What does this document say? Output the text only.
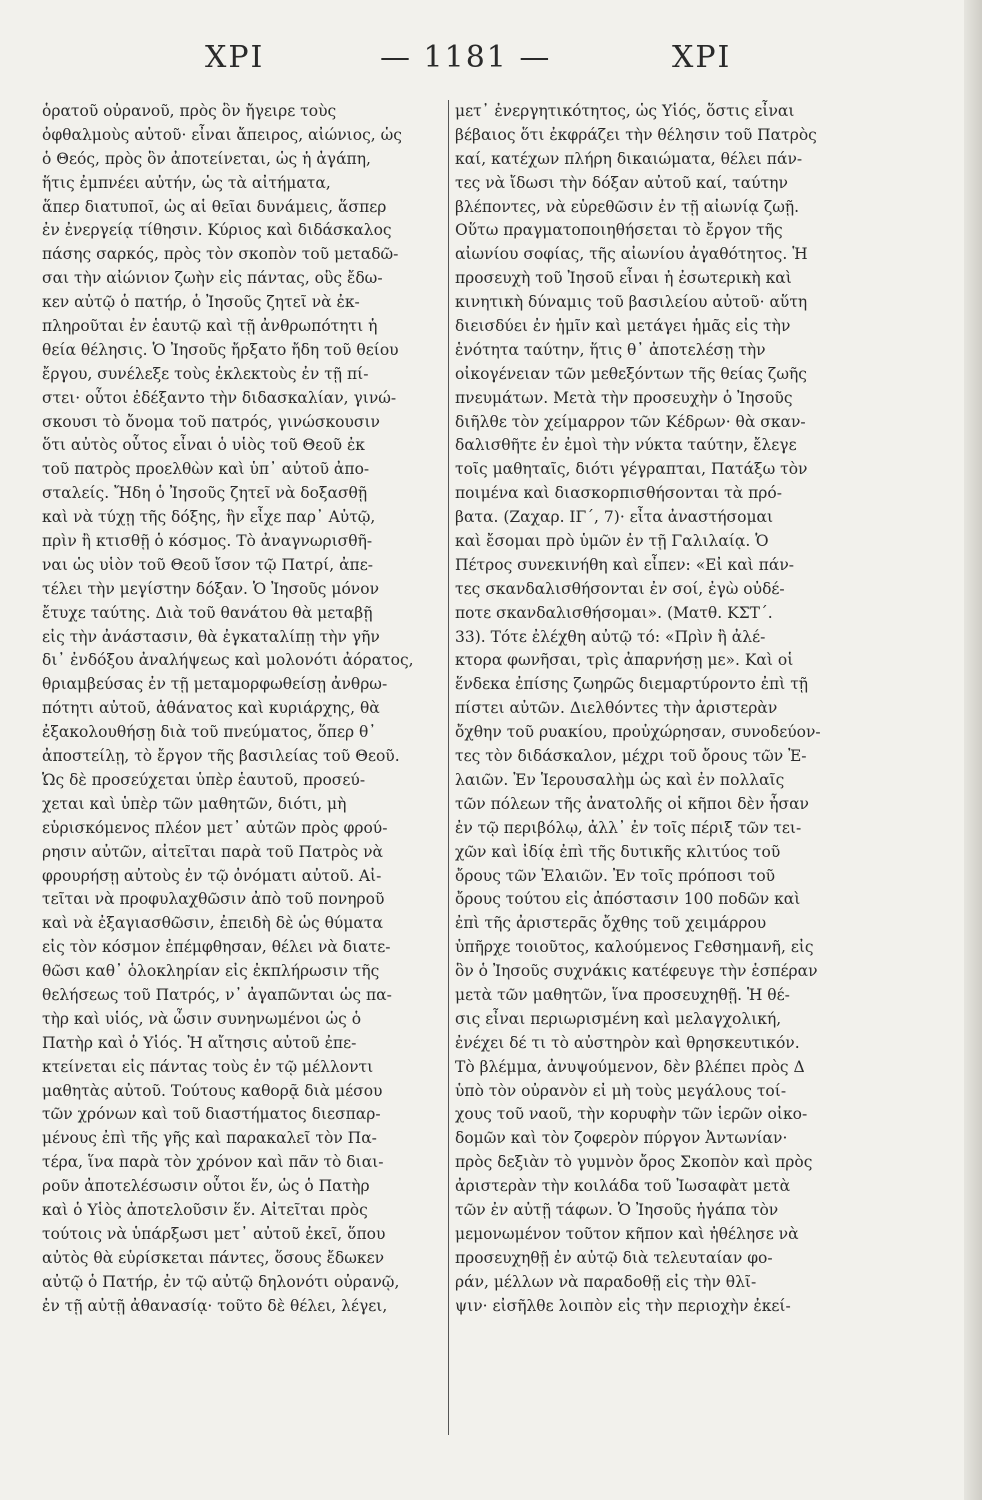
ΧΡΙ	— 1181 —	ΧΡΙ
ὁρατοῦ οὐρανοῦ, πρὸς ὃν ἤγειρε τοὺς
ὀφθαλμοὺς αὐτοῦ· εἶναι ἄπειρος, αἰώνιος, ὡς
ὁ Θεός, πρὸς ὃν ἀποτείνεται, ὡς ἡ ἀγάπη,
ἥτις ἐμπνέει αὐτήν, ὡς τὰ αἰτήματα,
ἅπερ διατυποῖ, ὡς αἱ θεῖαι δυνάμεις, ἅσπερ
ἐν ἐνεργείᾳ τίθησιν. Κύριος καὶ διδάσκαλος
πάσης σαρκός, πρὸς τὸν σκοπὸν τοῦ μεταδῶ-
σαι τὴν αἰώνιον ζωὴν εἰς πάντας, οὓς ἔδω-
κεν αὐτῷ ὁ πατήρ, ὁ Ἰησοῦς ζητεῖ νὰ ἐκ-
πληροῦται ἐν ἑαυτῷ καὶ τῇ ἀνθρωπότητι ἡ
θεία θέλησις. Ὁ Ἰησοῦς ἤρξατο ἤδη τοῦ θείου
ἔργου, συνέλεξε τοὺς ἐκλεκτοὺς ἐν τῇ πί-
στει· οὗτοι ἐδέξαντο τὴν διδασκαλίαν, γινώ-
σκουσι τὸ ὄνομα τοῦ πατρός, γινώσκουσιν
ὅτι αὐτὸς οὗτος εἶναι ὁ υἱὸς τοῦ Θεοῦ ἐκ
τοῦ πατρὸς προελθὼν καὶ ὑπ᾽ αὐτοῦ ἀπο-
σταλείς. Ἤδη ὁ Ἰησοῦς ζητεῖ νὰ δοξασθῇ
καὶ νὰ τύχῃ τῆς δόξης, ἣν εἶχε παρ᾽ Αὐτῷ,
πρὶν ἢ κτισθῇ ὁ κόσμος. Τὸ ἀναγνωρισθῆ-
ναι ὡς υἱὸν τοῦ Θεοῦ ἴσον τῷ Πατρί, ἀπε-
τέλει τὴν μεγίστην δόξαν. Ὁ Ἰησοῦς μόνον
ἔτυχε ταύτης. Διὰ τοῦ θανάτου θὰ μεταβῇ
εἰς τὴν ἀνάστασιν, θὰ ἐγκαταλίπῃ τὴν γῆν
δι᾽ ἐνδόξου ἀναλήψεως καὶ μολονότι ἀόρατος,
θριαμβεύσας ἐν τῇ μεταμορφωθείσῃ ἀνθρω-
πότητι αὐτοῦ, ἀθάνατος καὶ κυριάρχης, θὰ
ἐξακολουθήσῃ διὰ τοῦ πνεύματος, ὅπερ θ᾽
ἀποστείλῃ, τὸ ἔργον τῆς βασιλείας τοῦ Θεοῦ.
Ὡς δὲ προσεύχεται ὑπὲρ ἑαυτοῦ, προσεύ-
χεται καὶ ὑπὲρ τῶν μαθητῶν, διότι, μὴ
εὑρισκόμενος πλέον μετ᾽ αὐτῶν πρὸς φρού-
ρησιν αὐτῶν, αἰτεῖται παρὰ τοῦ Πατρὸς νὰ
φρουρήσῃ αὐτοὺς ἐν τῷ ὀνόματι αὐτοῦ. Αἰ-
τεῖται νὰ προφυλαχθῶσιν ἀπὸ τοῦ πονηροῦ
καὶ νὰ ἐξαγιασθῶσιν, ἐπειδὴ δὲ ὡς θύματα
εἰς τὸν κόσμον ἐπέμφθησαν, θέλει νὰ διατε-
θῶσι καθ᾽ ὁλοκληρίαν εἰς ἐκπλήρωσιν τῆς
θελήσεως τοῦ Πατρός, ν᾽ ἀγαπῶνται ὡς πα-
τὴρ καὶ υἱός, νὰ ὦσιν συνηνωμένοι ὡς ὁ
Πατὴρ καὶ ὁ Υἱός. Ἡ αἴτησις αὐτοῦ ἐπε-
κτείνεται εἰς πάντας τοὺς ἐν τῷ μέλλοντι
μαθητὰς αὐτοῦ. Τούτους καθορᾷ διὰ μέσου
τῶν χρόνων καὶ τοῦ διαστήματος διεσπαρ-
μένους ἐπὶ τῆς γῆς καὶ παρακαλεῖ τὸν Πα-
τέρα, ἵνα παρὰ τὸν χρόνον καὶ πᾶν τὸ διαι-
ροῦν ἀποτελέσωσιν οὗτοι ἕν, ὡς ὁ Πατὴρ
καὶ ὁ Υἱὸς ἀποτελοῦσιν ἕν. Αἰτεῖται πρὸς
τούτοις νὰ ὑπάρξωσι μετ᾽ αὐτοῦ ἐκεῖ, ὅπου
αὐτὸς θὰ εὑρίσκεται πάντες, ὅσους ἔδωκεν
αὐτῷ ὁ Πατήρ, ἐν τῷ αὐτῷ δηλονότι οὐρανῷ,
ἐν τῇ αὐτῇ ἀθανασίᾳ· τοῦτο δὲ θέλει, λέγει,
μετ᾽ ἐνεργητικότητος, ὡς Υἱός, ὅστις εἶναι
βέβαιος ὅτι ἐκφράζει τὴν θέλησιν τοῦ Πατρὸς
καί, κατέχων πλήρη δικαιώματα, θέλει πάν-
τες νὰ ἴδωσι τὴν δόξαν αὐτοῦ καί, ταύτην
βλέποντες, νὰ εὑρεθῶσιν ἐν τῇ αἰωνίᾳ ζωῇ.
Οὕτω πραγματοποιηθήσεται τὸ ἔργον τῆς
αἰωνίου σοφίας, τῆς αἰωνίου ἀγαθότητος. Ἡ
προσευχὴ τοῦ Ἰησοῦ εἶναι ἡ ἐσωτερικὴ καὶ
κινητικὴ δύναμις τοῦ βασιλείου αὐτοῦ· αὕτη
διεισδύει ἐν ἡμῖν καὶ μετάγει ἡμᾶς εἰς τὴν
ἑνότητα ταύτην, ἥτις θ᾽ ἀποτελέσῃ τὴν
οἰκογένειαν τῶν μεθεξόντων τῆς θείας ζωῆς
πνευμάτων. Μετὰ τὴν προσευχὴν ὁ Ἰησοῦς
διῆλθε τὸν χείμαρρον τῶν Κέδρων· θὰ σκαν-
δαλισθῆτε ἐν ἐμοὶ τὴν νύκτα ταύτην, ἔλεγε
τοῖς μαθηταῖς, διότι γέγραπται, Πατάξω τὸν
ποιμένα καὶ διασκορπισθήσονται τὰ πρό-
βατα. (Ζαχαρ. ΙΓ΄, 7)· εἶτα ἀναστήσομαι
καὶ ἔσομαι πρὸ ὑμῶν ἐν τῇ Γαλιλαίᾳ. Ὁ
Πέτρος συνεκινήθη καὶ εἶπεν: «Εἰ καὶ πάν-
τες σκανδαλισθήσονται ἐν σοί, ἐγὼ οὐδέ-
ποτε σκανδαλισθήσομαι». (Ματθ. ΚΣΤ΄.
33). Τότε ἐλέχθη αὐτῷ τό: «Πρὶν ἢ ἀλέ-
κτορα φωνῆσαι, τρὶς ἀπαρνήσῃ με». Καὶ οἱ
ἕνδεκα ἐπίσης ζωηρῶς διεμαρτύροντο ἐπὶ τῇ
πίστει αὐτῶν. Διελθόντες τὴν ἀριστερὰν
ὄχθην τοῦ ρυακίου, προὐχώρησαν, συνοδεύον-
τες τὸν διδάσκαλον, μέχρι τοῦ ὄρους τῶν Ἐ-
λαιῶν. Ἐν Ἱερουσαλὴμ ὡς καὶ ἐν πολλαῖς
τῶν πόλεων τῆς ἀνατολῆς οἱ κῆποι δὲν ἦσαν
ἐν τῷ περιβόλῳ, ἀλλ᾽ ἐν τοῖς πέριξ τῶν τει-
χῶν καὶ ἰδίᾳ ἐπὶ τῆς δυτικῆς κλιτύος τοῦ
ὄρους τῶν Ἐλαιῶν. Ἐν τοῖς πρόποσι τοῦ
ὄρους τούτου εἰς ἀπόστασιν 100 ποδῶν καὶ
ἐπὶ τῆς ἀριστερᾶς ὄχθης τοῦ χειμάρρου
ὑπῆρχε τοιοῦτος, καλούμενος Γεθσημανῆ, εἰς
ὃν ὁ Ἰησοῦς συχνάκις κατέφευγε τὴν ἑσπέραν
μετὰ τῶν μαθητῶν, ἵνα προσευχηθῇ. Ἡ θέ-
σις εἶναι περιωρισμένη καὶ μελαγχολική,
ἐνέχει δέ τι τὸ αὐστηρὸν καὶ θρησκευτικόν.
Τὸ βλέμμα, ἀνυψούμενον, δὲν βλέπει πρὸς Δ
ὑπὸ τὸν οὐρανὸν εἰ μὴ τοὺς μεγάλους τοί-
χους τοῦ ναοῦ, τὴν κορυφὴν τῶν ἱερῶν οἰκο-
δομῶν καὶ τὸν ζοφερὸν πύργον Ἀντωνίαν·
πρὸς δεξιὰν τὸ γυμνὸν ὄρος Σκοπὸν καὶ πρὸς
ἀριστερὰν τὴν κοιλάδα τοῦ Ἰωσαφὰτ μετὰ
τῶν ἐν αὐτῇ τάφων. Ὁ Ἰησοῦς ἠγάπα τὸν
μεμονωμένον τοῦτον κῆπον καὶ ἠθέλησε νὰ
προσευχηθῇ ἐν αὐτῷ διὰ τελευταίαν φο-
ράν, μέλλων νὰ παραδοθῇ εἰς τὴν θλῖ-
ψιν· εἰσῆλθε λοιπὸν εἰς τὴν περιοχὴν ἐκεί-
